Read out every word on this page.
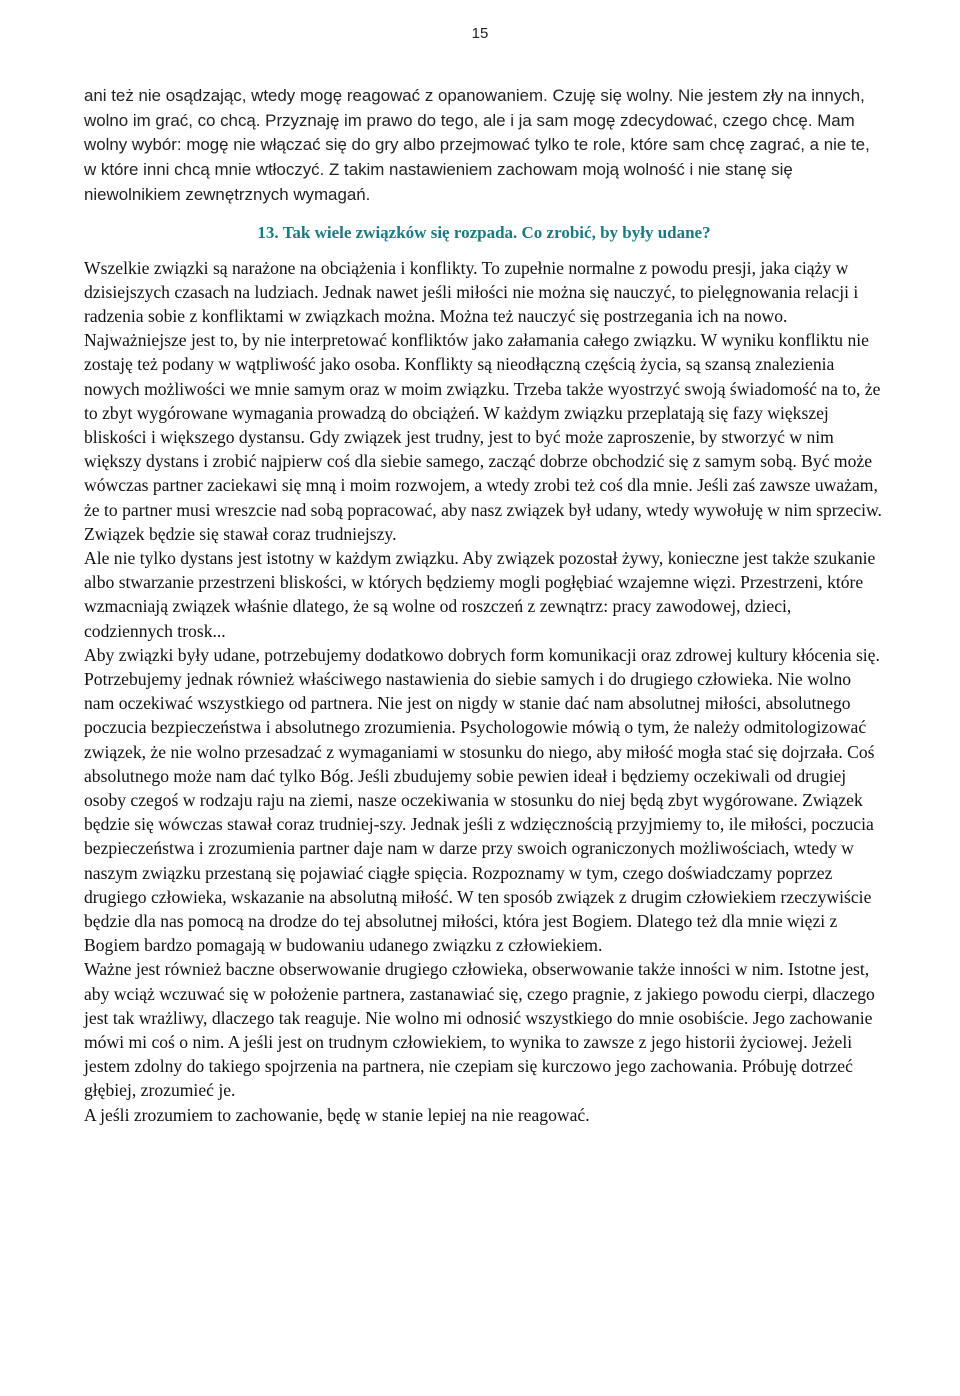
15

ani też nie osądzając, wtedy mogę reagować z opanowaniem. Czuję się wolny. Nie jestem zły na innych, wolno im grać, co chcą. Przyznaję im prawo do tego, ale i ja sam mogę zdecydować, czego chcę. Mam wolny wybór: mogę nie włączać się do gry albo przejmować tylko te role, które sam chcę zagrać, a nie te, w które inni chcą mnie wtłoczyć. Z takim nastawieniem zachowam moją wolność i nie stanę się niewolnikiem zewnętrznych wymagań.

13. Tak wiele związków się rozpada. Co zrobić, by były udane?

Wszelkie związki są narażone na obciążenia i konflikty. To zupełnie normalne z powodu presji, jaka ciąży w dzisiejszych czasach na ludziach. Jednak nawet jeśli miłości nie można się nauczyć, to pielęgnowania relacji i radzenia sobie z konfliktami w związkach można. Można też nauczyć się postrzegania ich na nowo. Najważniejsze jest to, by nie interpretować konfliktów jako załamania całego związku. W wyniku konfliktu nie zostaję też podany w wątpliwość jako osoba. Konflikty są nieodłączną częścią życia, są szansą znalezienia nowych możliwości we mnie samym oraz w moim związku. Trzeba także wyostrzyć swoją świadomość na to, że to zbyt wygórowane wymagania prowadzą do obciążeń. W każdym związku przeplatają się fazy większej bliskości i większego dystansu. Gdy związek jest trudny, jest to być może zaproszenie, by stworzyć w nim większy dystans i zrobić najpierw coś dla siebie samego, zacząć dobrze obchodzić się z samym sobą. Być może wówczas partner zaciekawi się mną i moim rozwojem, a wtedy zrobi też coś dla mnie. Jeśli zaś zawsze uważam, że to partner musi wreszcie nad sobą popracować, aby nasz związek był udany, wtedy wywołuję w nim sprzeciw. Związek będzie się stawał coraz trudniejszy.

Ale nie tylko dystans jest istotny w każdym związku. Aby związek pozostał żywy, konieczne jest także szukanie albo stwarzanie przestrzeni bliskości, w których będziemy mogli pogłębiać wzajemne więzi. Przestrzeni, które wzmacniają związek właśnie dlatego, że są wolne od roszczeń z zewnątrz: pracy zawodowej, dzieci, codziennych trosk...

Aby związki były udane, potrzebujemy dodatkowo dobrych form komunikacji oraz zdrowej kultury kłócenia się. Potrzebujemy jednak również właściwego nastawienia do siebie samych i do drugiego człowieka. Nie wolno nam oczekiwać wszystkiego od partnera. Nie jest on nigdy w stanie dać nam absolutnej miłości, absolutnego poczucia bezpieczeństwa i absolutnego zrozumienia. Psychologowie mówią o tym, że należy odmitologizować związek, że nie wolno przesadzać z wymaganiami w stosunku do niego, aby miłość mogła stać się dojrzała. Coś absolutnego może nam dać tylko Bóg. Jeśli zbudujemy sobie pewien ideał i będziemy oczekiwali od drugiej osoby czegoś w rodzaju raju na ziemi, nasze oczekiwania w stosunku do niej będą zbyt wygórowane. Związek będzie się wówczas stawał coraz trudniej-szy. Jednak jeśli z wdzięcznością przyjmiemy to, ile miłości, poczucia bezpieczeństwa i zrozumienia partner daje nam w darze przy swoich ograniczonych możliwościach, wtedy w naszym związku przestaną się pojawiać ciągłe spięcia. Rozpoznamy w tym, czego doświadczamy poprzez drugiego człowieka, wskazanie na absolutną miłość. W ten sposób związek z drugim człowiekiem rzeczywiście będzie dla nas pomocą na drodze do tej absolutnej miłości, która jest Bogiem. Dlatego też dla mnie więzi z Bogiem bardzo pomagają w budowaniu udanego związku z człowiekiem.

Ważne jest również baczne obserwowanie drugiego człowieka, obserwowanie także inności w nim. Istotne jest, aby wciąż wczuwać się w położenie partnera, zastanawiać się, czego pragnie, z jakiego powodu cierpi, dlaczego jest tak wrażliwy, dlaczego tak reaguje. Nie wolno mi odnosić wszystkiego do mnie osobiście. Jego zachowanie mówi mi coś o nim. A jeśli jest on trudnym człowiekiem, to wynika to zawsze z jego historii życiowej. Jeżeli jestem zdolny do takiego spojrzenia na partnera, nie czepiam się kurczowo jego zachowania. Próbuję dotrzeć głębiej, zrozumieć je.

A jeśli zrozumiem to zachowanie, będę w stanie lepiej na nie reagować.
